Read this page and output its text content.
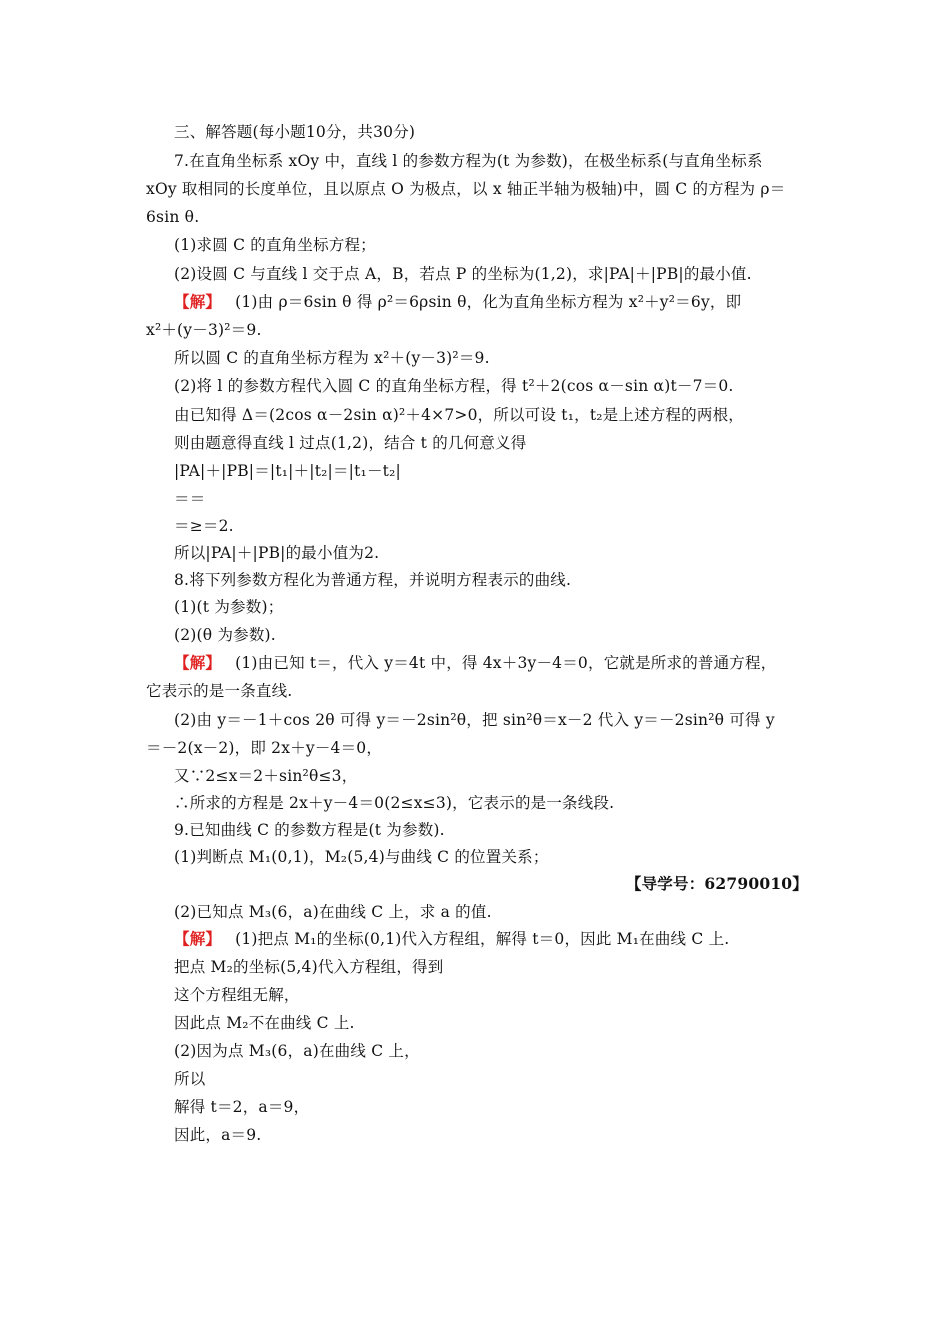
三、解答题(每小题10分，共30分)
7.在直角坐标系 xOy 中，直线 l 的参数方程为(t 为参数)，在极坐标系(与直角坐标系
xOy 取相同的长度单位，且以原点 O 为极点，以 x 轴正半轴为极轴)中，圆 C 的方程为 ρ＝
6sin θ.
(1)求圆 C 的直角坐标方程；
(2)设圆 C 与直线 l 交于点 A，B，若点 P 的坐标为(1,2)，求|PA|＋|PB|的最小值.
【解】 (1)由 ρ＝6sin θ 得 ρ²＝6ρsin θ，化为直角坐标方程为 x²＋y²＝6y，即
x²＋(y－3)²＝9.
所以圆 C 的直角坐标方程为 x²＋(y－3)²＝9.
(2)将 l 的参数方程代入圆 C 的直角坐标方程，得 t²＋2(cos α－sin α)t－7＝0.
由已知得 Δ＝(2cos α－2sin α)²＋4×7>0，所以可设 t₁，t₂是上述方程的两根，
则由题意得直线 l 过点(1,2)，结合 t 的几何意义得
|PA|＋|PB|＝|t₁|＋|t₂|＝|t₁－t₂|
＝＝
＝≥＝2.
所以|PA|＋|PB|的最小值为2.
8.将下列参数方程化为普通方程，并说明方程表示的曲线.
(1)(t 为参数)；
(2)(θ 为参数).
【解】 (1)由已知 t＝，代入 y＝4t 中，得 4x＋3y－4＝0，它就是所求的普通方程，
它表示的是一条直线.
(2)由 y＝－1＋cos 2θ 可得 y＝－2sin²θ，把 sin²θ＝x－2 代入 y＝－2sin²θ 可得 y
＝－2(x－2)，即 2x＋y－4＝0，
又∵2≤x＝2＋sin²θ≤3，
∴所求的方程是 2x＋y－4＝0(2≤x≤3)，它表示的是一条线段.
9.已知曲线 C 的参数方程是(t 为参数).
(1)判断点 M₁(0,1)，M₂(5,4)与曲线 C 的位置关系；
【导学号：62790010】
(2)已知点 M₃(6，a)在曲线 C 上，求 a 的值.
【解】 (1)把点 M₁的坐标(0,1)代入方程组，解得 t＝0，因此 M₁在曲线 C 上.
把点 M₂的坐标(5,4)代入方程组，得到
这个方程组无解，
因此点 M₂不在曲线 C 上.
(2)因为点 M₃(6，a)在曲线 C 上，
所以
解得 t＝2，a＝9，
因此，a＝9.
